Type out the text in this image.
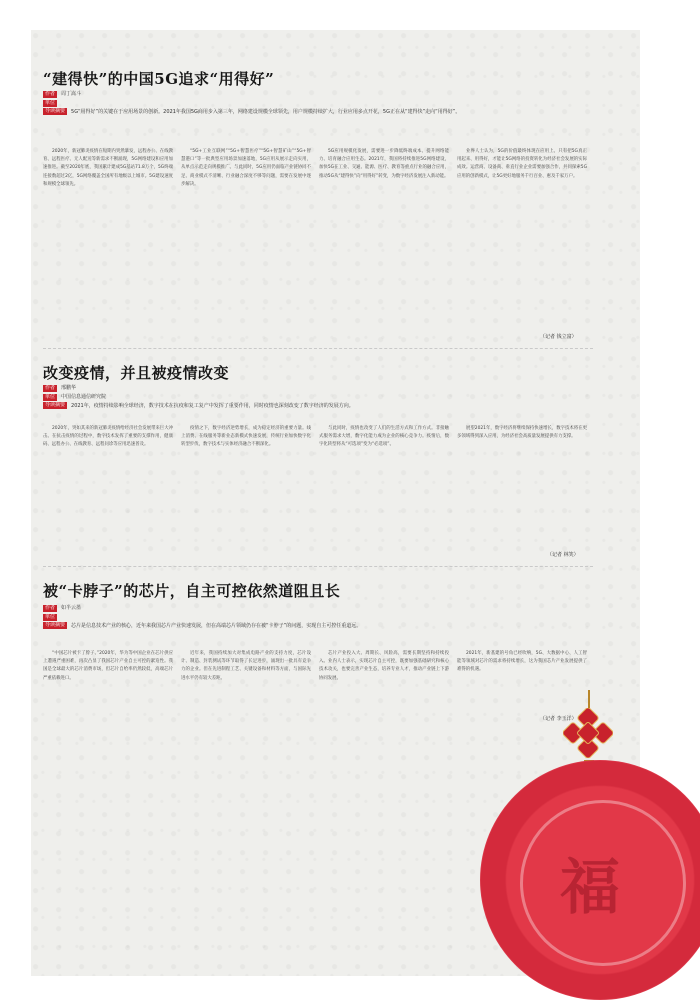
“建得快”的中国5G追求“用得好”
作者 周丁嵩斗
单位
导读摘要 5G“用得好”的关键在于应用场景的创新。2021年我国5G商用步入第三年，网络建设规模全球领先，用户规模持续扩大，行业应用多点开花，5G正在从“建得快”走向“用得好”。

2020年，新冠肺炎疫情在短期内突然暴发，远程办公、在线教育、远程医疗、无人配送等新需求不断涌现，5G网络建设和应用加速推进。截至2020年底，我国累计建成5G基站71.8万个，5G终端连接数超过2亿，5G网络覆盖全国所有地级以上城市。5G建设速度和规模全球领先。

“5G+工业互联网”“5G+智慧医疗”“5G+智慧矿山”“5G+智慧港口”等一批典型应用场景加速落地，5G应用从展示走向实用，从单点示范走向规模推广。与此同时，5G应用仍面临产业链协同不足、商业模式不清晰、行业融合深度不够等问题，需要在发展中逐步解决。

5G应用规模化发展，需要进一步降低终端成本、提升网络能力、培育融合应用生态。2021年，我国将持续推进5G网络建设，加快5G在工业、交通、能源、医疗、教育等重点行业的融合应用，推动5G从“建得快”向“用得好”转变，为数字经济发展注入新动能。

业界人士认为，5G的价值最终体现在应用上。只有把5G真正用起来、用得好，才能让5G网络的投资转化为经济社会发展的实际成效。运营商、设备商、垂直行业企业需要加强合作，共同探索5G应用的创新模式，让5G更好地服务千行百业、惠及千家万户。

（记者 钱立富）
改变疫情，并且被疫情改变
作者 邢鹏华
单位 中国信息通信研究院
导读摘要 2021年，疫情持续影响全球经济，数字技术在抗疫和复工复产中发挥了重要作用，同时疫情也深刻改变了数字经济的发展方向。

2020年，突如其来的新冠肺炎疫情给经济社会发展带来巨大冲击。在抗击疫情的过程中，数字技术发挥了重要的支撑作用，健康码、远程办公、在线教育、远程问诊等应用迅速普及。

疫情之下，数字经济逆势增长，成为稳定经济的重要力量。线上消费、在线服务等新业态新模式快速发展，传统行业加快数字化转型步伐，数字技术与实体经济融合不断深化。

与此同时，疫情也改变了人们的生活方式和工作方式。非接触式服务需求大增，数字化能力成为企业的核心竞争力。疫情后，数字化转型将从“可选项”变为“必选项”。

展望2021年，数字经济将继续保持快速增长，数字技术将在更多领域得到深入应用，为经济社会高质量发展提供有力支撑。

（记者 林笑）
被“卡脖子”的芯片，自主可控依然道阻且长
作者 如半云墨
单位
导读摘要 芯片是信息技术产业的核心，近年来我国芯片产业快速发展，但在高端芯片领域仍存在被“卡脖子”的问题，实现自主可控任重道远。

“中国芯片被卡了脖子。”2020年，华为等中国企业在芯片供应上遭遇严重困难，再次凸显了我国芯片产业自主可控的紧迫性。我国是全球最大的芯片消费市场，但芯片自给率仍然较低，高端芯片严重依赖进口。

近年来，我国持续加大对集成电路产业的支持力度，芯片设计、制造、封装测试等环节取得了长足进步，涌现出一批具有竞争力的企业。但在先进制程工艺、关键设备和材料等方面，与国际先进水平仍有较大差距。

芯片产业投入大、周期长、风险高，需要长期坚持和持续投入。业内人士表示，实现芯片自主可控，既要加强基础研究和核心技术攻关，也要完善产业生态，培养专业人才，推动产业链上下游协同发展。

2021年，新基建的号角已经吹响，5G、大数据中心、人工智能等领域对芯片的需求将持续增长，这为我国芯片产业发展提供了难得的机遇。

（记者 李玉洋）
福
